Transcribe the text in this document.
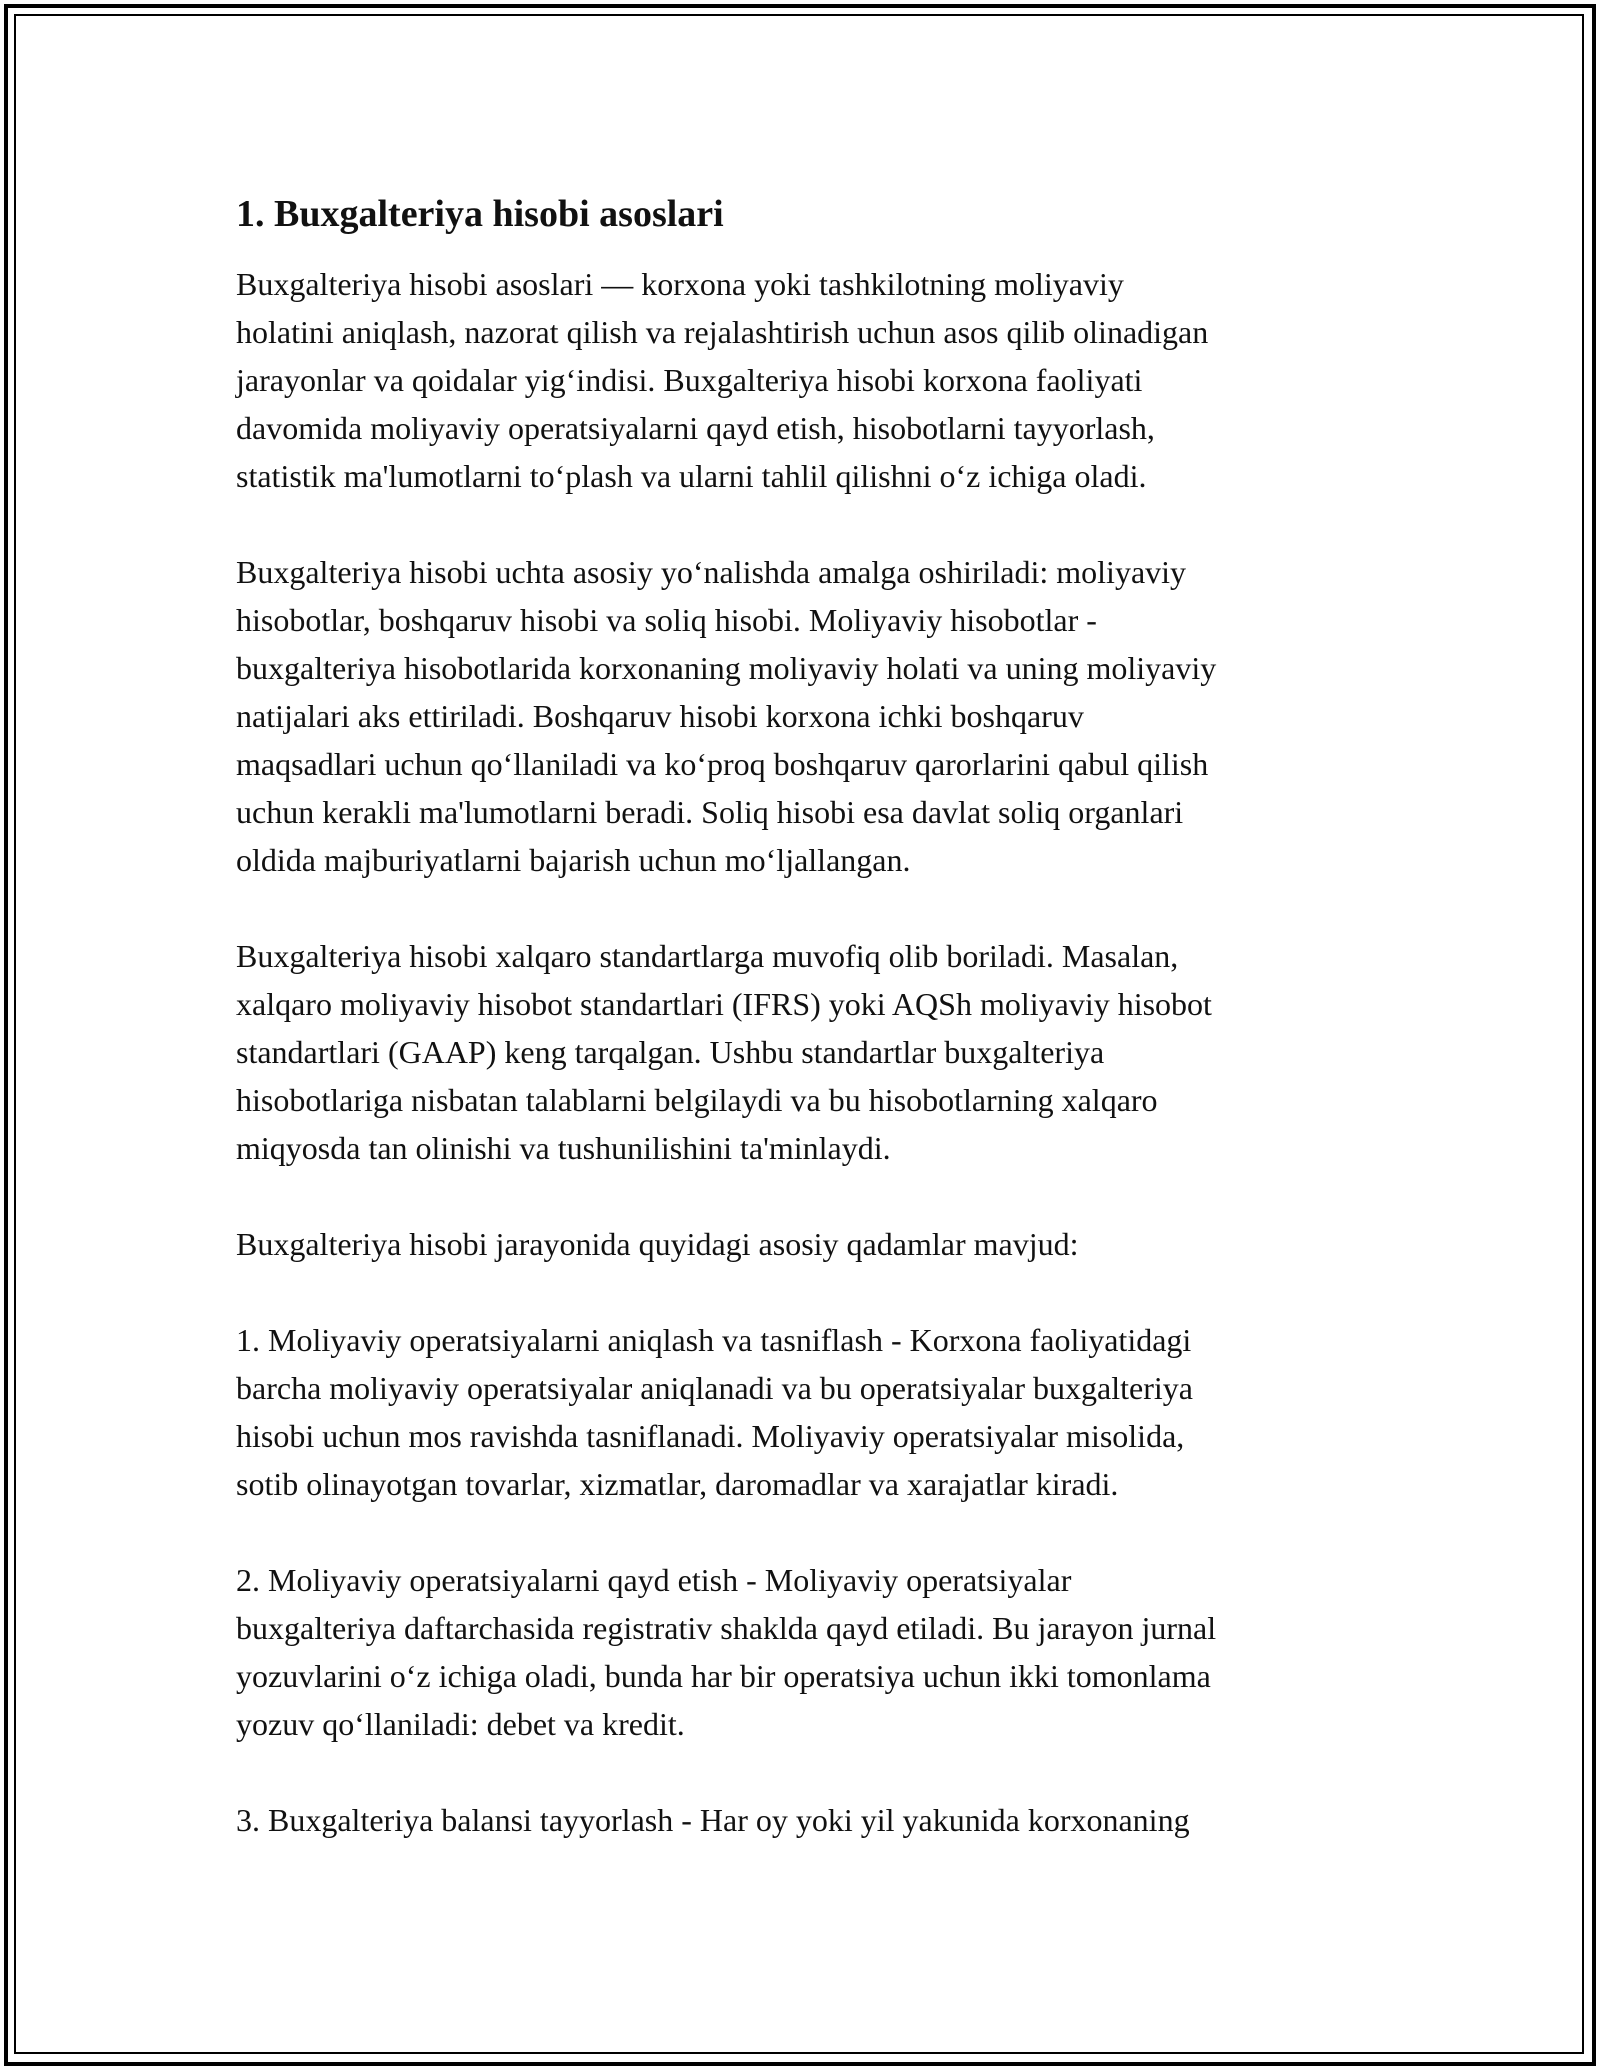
1. Buxgalteriya hisobi asoslari

Buxgalteriya hisobi asoslari — korxona yoki tashkilotning moliyaviy
holatini aniqlash, nazorat qilish va rejalashtirish uchun asos qilib olinadigan
jarayonlar va qoidalar yig‘indisi. Buxgalteriya hisobi korxona faoliyati
davomida moliyaviy operatsiyalarni qayd etish, hisobotlarni tayyorlash,
statistik ma'lumotlarni to‘plash va ularni tahlil qilishni o‘z ichiga oladi.

Buxgalteriya hisobi uchta asosiy yo‘nalishda amalga oshiriladi: moliyaviy
hisobotlar, boshqaruv hisobi va soliq hisobi. Moliyaviy hisobotlar -
buxgalteriya hisobotlarida korxonaning moliyaviy holati va uning moliyaviy
natijalari aks ettiriladi. Boshqaruv hisobi korxona ichki boshqaruv
maqsadlari uchun qo‘llaniladi va ko‘proq boshqaruv qarorlarini qabul qilish
uchun kerakli ma'lumotlarni beradi. Soliq hisobi esa davlat soliq organlari
oldida majburiyatlarni bajarish uchun mo‘ljallangan.

Buxgalteriya hisobi xalqaro standartlarga muvofiq olib boriladi. Masalan,
xalqaro moliyaviy hisobot standartlari (IFRS) yoki AQSh moliyaviy hisobot
standartlari (GAAP) keng tarqalgan. Ushbu standartlar buxgalteriya
hisobotlariga nisbatan talablarni belgilaydi va bu hisobotlarning xalqaro
miqyosda tan olinishi va tushunilishini ta'minlaydi.

Buxgalteriya hisobi jarayonida quyidagi asosiy qadamlar mavjud:

1. Moliyaviy operatsiyalarni aniqlash va tasniflash - Korxona faoliyatidagi
barcha moliyaviy operatsiyalar aniqlanadi va bu operatsiyalar buxgalteriya
hisobi uchun mos ravishda tasniflanadi. Moliyaviy operatsiyalar misolida,
sotib olinayotgan tovarlar, xizmatlar, daromadlar va xarajatlar kiradi.

2. Moliyaviy operatsiyalarni qayd etish - Moliyaviy operatsiyalar
buxgalteriya daftarchasida registrativ shaklda qayd etiladi. Bu jarayon jurnal
yozuvlarini o‘z ichiga oladi, bunda har bir operatsiya uchun ikki tomonlama
yozuv qo‘llaniladi: debet va kredit.

3. Buxgalteriya balansi tayyorlash - Har oy yoki yil yakunida korxonaning
